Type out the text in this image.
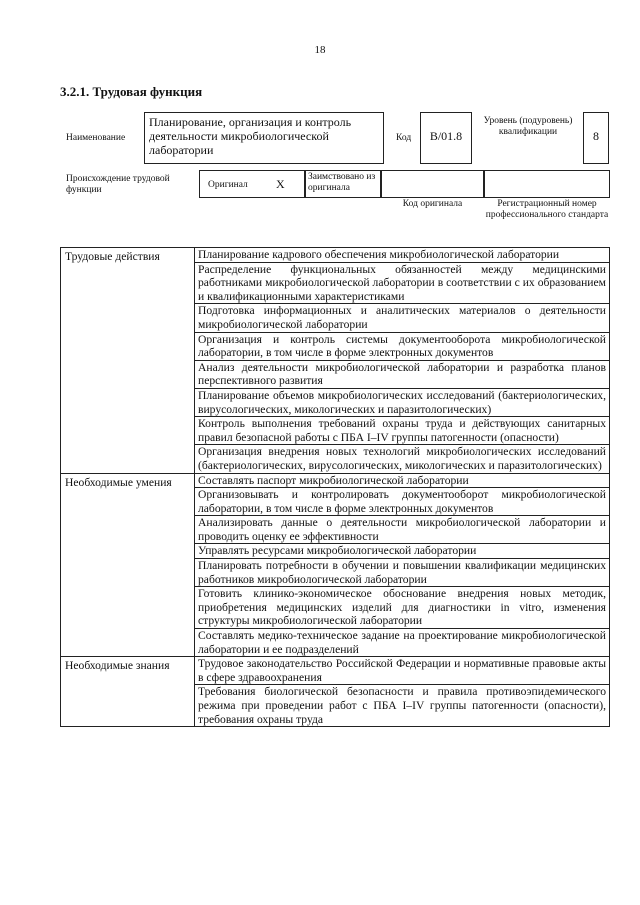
18
3.2.1. Трудовая функция
Наименование
Планирование, организация и контроль деятельности микробиологической лаборатории
Код	B/01.8
Уровень (подуровень) квалификации	8
Происхождение трудовой функции	Оригинал X	Заимствовано из оригинала
Код оригинала	Регистрационный номер профессионального стандарта
Трудовые действия	Планирование кадрового обеспечения микробиологической лаборатории
	Распределение функциональных обязанностей между медицинскими работниками микробиологической лаборатории в соответствии с их образованием и квалификационными характеристиками
	Подготовка информационных и аналитических материалов о деятельности микробиологической лаборатории
	Организация и контроль системы документооборота микробиологической лаборатории, в том числе в форме электронных документов
	Анализ деятельности микробиологической лаборатории и разработка планов перспективного развития
	Планирование объемов микробиологических исследований (бактериологических, вирусологических, микологических и паразитологических)
	Контроль выполнения требований охраны труда и действующих санитарных правил безопасной работы с ПБА I–IV группы патогенности (опасности)
	Организация внедрения новых технологий микробиологических исследований (бактериологических, вирусологических, микологических и паразитологических)
Необходимые умения	Составлять паспорт микробиологической лаборатории
	Организовывать и контролировать документооборот микробиологической лаборатории, в том числе в форме электронных документов
	Анализировать данные о деятельности микробиологической лаборатории и проводить оценку ее эффективности
	Управлять ресурсами микробиологической лаборатории
	Планировать потребности в обучении и повышении квалификации медицинских работников микробиологической лаборатории
	Готовить клинико-экономическое обоснование внедрения новых методик, приобретения медицинских изделий для диагностики in vitro, изменения структуры микробиологической лаборатории
	Составлять медико-техническое задание на проектирование микробиологической лаборатории и ее подразделений
Необходимые знания	Трудовое законодательство Российской Федерации и нормативные правовые акты в сфере здравоохранения
	Требования биологической безопасности и правила противоэпидемического режима при проведении работ с ПБА I–IV группы патогенности (опасности), требования охраны труда
